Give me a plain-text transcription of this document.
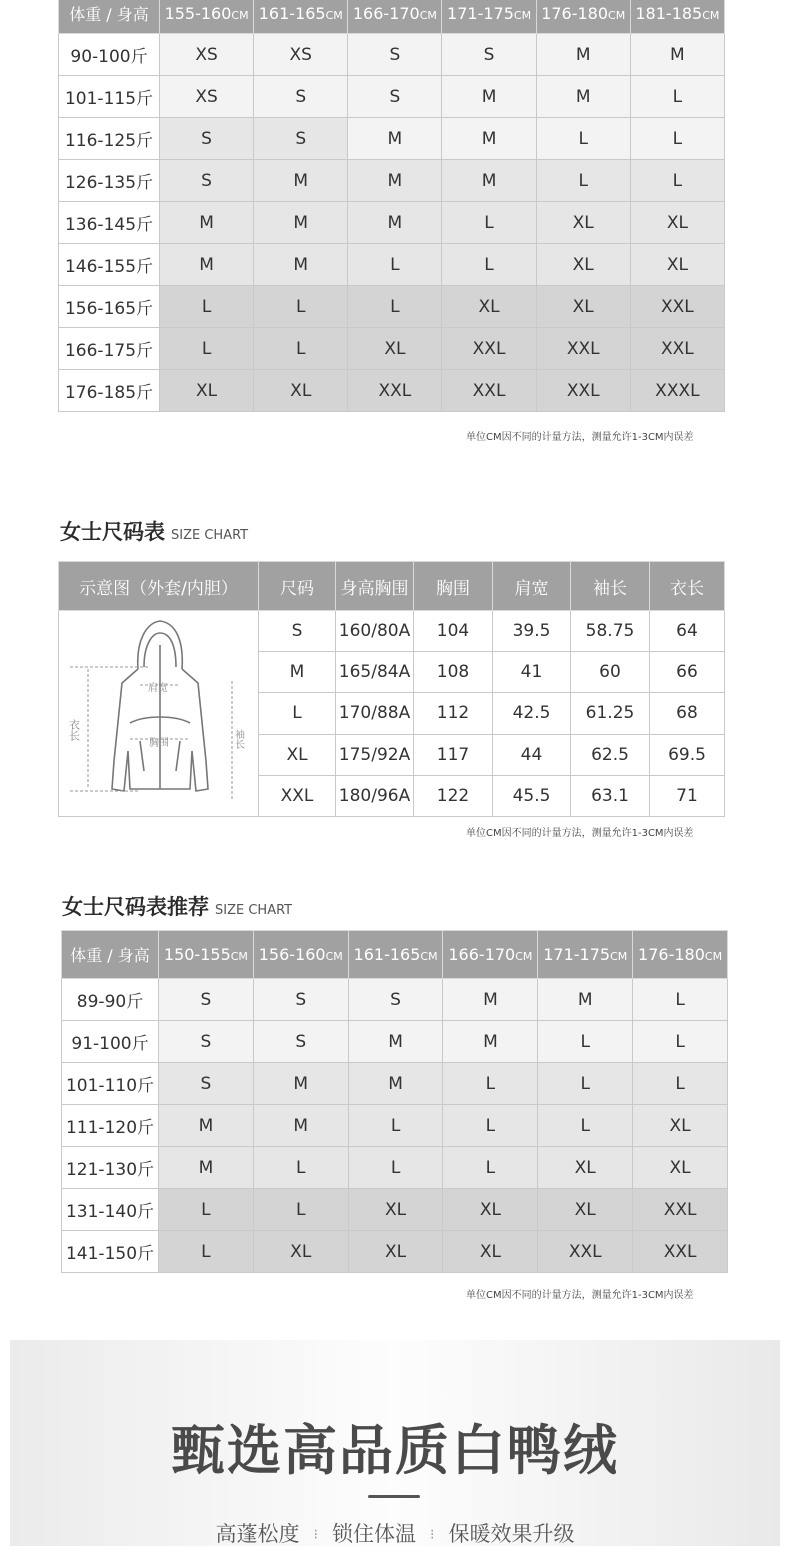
体重 / 身高	155-160CM	161-165CM	166-170CM	171-175CM	176-180CM	181-185CM
90-100斤	XS	XS	S	S	M	M
101-115斤	XS	S	S	M	M	L
116-125斤	S	S	M	M	L	L
126-135斤	S	M	M	M	L	L
136-145斤	M	M	M	L	XL	XL
146-155斤	M	M	L	L	XL	XL
156-165斤	L	L	L	XL	XL	XXL
166-175斤	L	L	XL	XXL	XXL	XXL
176-185斤	XL	XL	XXL	XXL	XXL	XXXL
单位CM因不同的计量方法，测量允许1-3CM内误差
女士尺码表 SIZE CHART
示意图（外套/内胆）	尺码	身高胸围	胸围	肩宽	袖长	衣长

衣长
肩宽
胸围 袖长	S	160/80A	104	39.5	58.75	64
	M	165/84A	108	41	60	66
	L	170/88A	112	42.5	61.25	68
	XL	175/92A	117	44	62.5	69.5
	XXL	180/96A	122	45.5	63.1	71
单位CM因不同的计量方法，测量允许1-3CM内误差
女士尺码表推荐 SIZE CHART
体重 / 身高	150-155CM	156-160CM	161-165CM	166-170CM	171-175CM	176-180CM
89-90斤	S	S	S	M	M	L
91-100斤	S	S	M	M	L	L
101-110斤	S	M	M	L	L	L
111-120斤	M	M	L	L	L	XL
121-130斤	M	L	L	L	XL	XL
131-140斤	L	L	XL	XL	XL	XXL
141-150斤	L	XL	XL	XL	XXL	XXL
单位CM因不同的计量方法，测量允许1-3CM内误差
甄选高品质白鸭绒
高蓬松度 ⁝ 锁住体温 ⁝ 保暖效果升级
